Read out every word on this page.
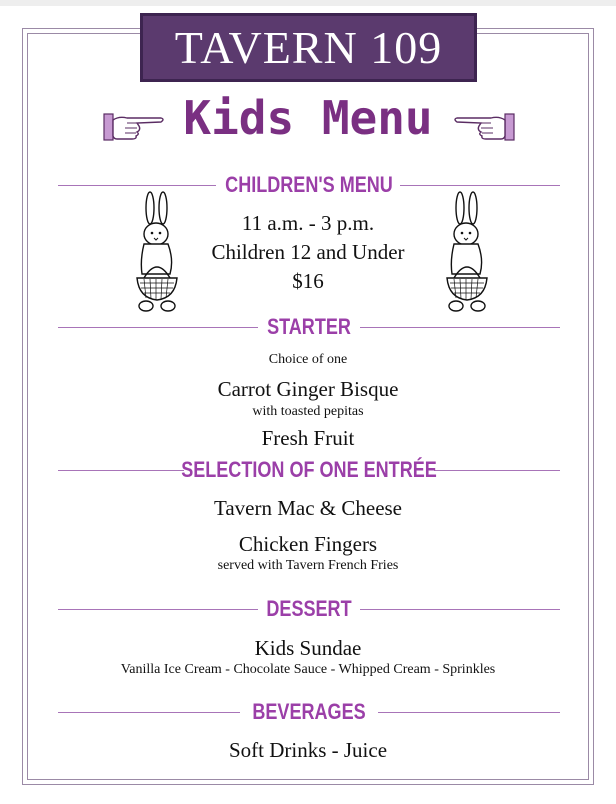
TAVERN 109
Kids Menu
CHILDREN'S MENU
11 a.m. - 3 p.m.
Children 12 and Under
$16
STARTER
Choice of one
Carrot Ginger Bisque
with toasted pepitas
Fresh Fruit
SELECTION OF ONE ENTRÉE
Tavern Mac & Cheese
Chicken Fingers
served with Tavern French Fries
DESSERT
Kids Sundae
Vanilla Ice Cream - Chocolate Sauce - Whipped Cream - Sprinkles
BEVERAGES
Soft Drinks - Juice
